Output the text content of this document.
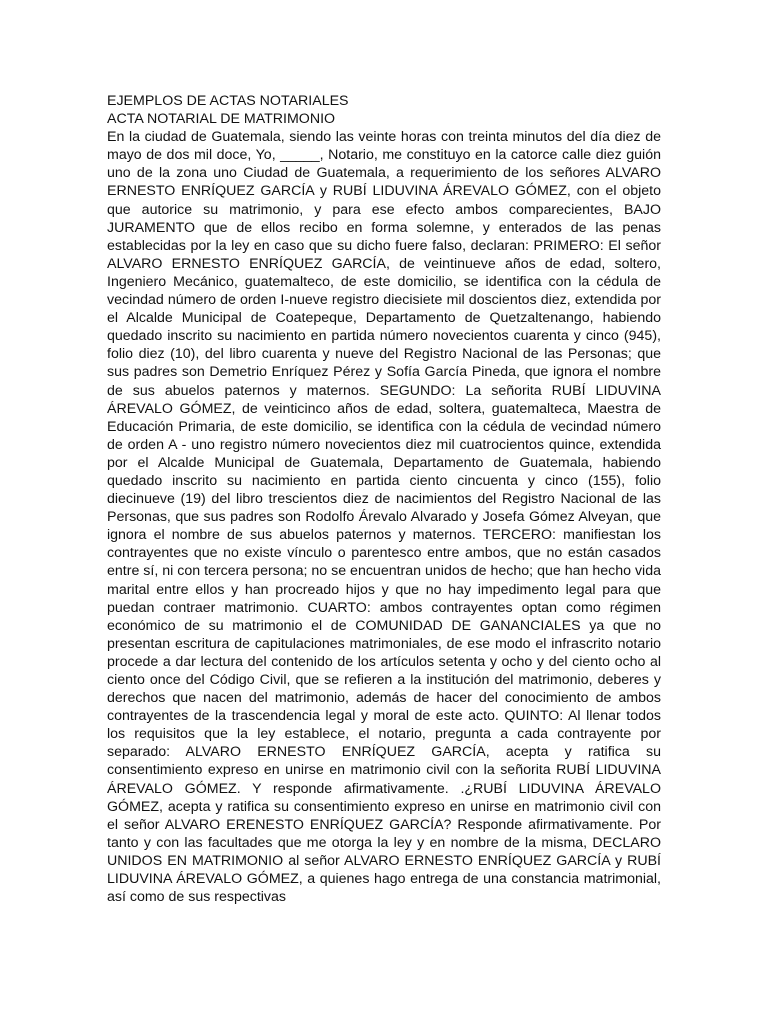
EJEMPLOS DE ACTAS NOTARIALES
ACTA NOTARIAL DE MATRIMONIO
En la ciudad de Guatemala, siendo las veinte horas con treinta minutos del día diez de mayo de dos mil doce, Yo, _____, Notario, me constituyo en la catorce calle diez guión uno de la zona uno Ciudad de Guatemala, a requerimiento de los señores ALVARO ERNESTO ENRÍQUEZ GARCÍA y RUBÍ LIDUVINA ÁREVALO GÓMEZ, con el objeto que autorice su matrimonio, y para ese efecto ambos comparecientes, BAJO JURAMENTO que de ellos recibo en forma solemne, y enterados de las penas establecidas por la ley en caso que su dicho fuere falso, declaran: PRIMERO: El señor ALVARO ERNESTO ENRÍQUEZ GARCÍA, de veintinueve años de edad, soltero, Ingeniero Mecánico, guatemalteco, de este domicilio, se identifica con la cédula de vecindad número de orden I-nueve registro diecisiete mil doscientos diez, extendida por el Alcalde Municipal de Coatepeque, Departamento de Quetzaltenango, habiendo quedado inscrito su nacimiento en partida número novecientos cuarenta y cinco (945), folio diez (10), del libro cuarenta y nueve del Registro Nacional de las Personas; que sus padres son Demetrio Enríquez Pérez y Sofía García Pineda, que ignora el nombre de sus abuelos paternos y maternos. SEGUNDO: La señorita RUBÍ LIDUVINA ÁREVALO GÓMEZ, de veinticinco años de edad, soltera, guatemalteca, Maestra de Educación Primaria, de este domicilio, se identifica con la cédula de vecindad número de orden A - uno registro número novecientos diez mil cuatrocientos quince, extendida por el Alcalde Municipal de Guatemala, Departamento de Guatemala, habiendo quedado inscrito su nacimiento en partida ciento cincuenta y cinco (155), folio diecinueve (19) del libro trescientos diez de nacimientos del Registro Nacional de las Personas, que sus padres son Rodolfo Árevalo Alvarado y Josefa Gómez Alveyan, que ignora el nombre de sus abuelos paternos y maternos. TERCERO: manifiestan los contrayentes que no existe vínculo o parentesco entre ambos, que no están casados entre sí, ni con tercera persona; no se encuentran unidos de hecho; que han hecho vida marital entre ellos y han procreado hijos y que no hay impedimento legal para que puedan contraer matrimonio. CUARTO: ambos contrayentes optan como régimen económico de su matrimonio el de COMUNIDAD DE GANANCIALES ya que no presentan escritura de capitulaciones matrimoniales, de ese modo el infrascrito notario procede a dar lectura del contenido de los artículos setenta y ocho y del ciento ocho al ciento once del Código Civil, que se refieren a la institución del matrimonio, deberes y derechos que nacen del matrimonio, además de hacer del conocimiento de ambos contrayentes de la trascendencia legal y moral de este acto. QUINTO: Al llenar todos los requisitos que la ley establece, el notario, pregunta a cada contrayente por separado: ALVARO ERNESTO ENRÍQUEZ GARCÍA, acepta y ratifica su consentimiento expreso en unirse en matrimonio civil con la señorita RUBÍ LIDUVINA ÁREVALO GÓMEZ. Y responde afirmativamente. .¿RUBÍ LIDUVINA ÁREVALO GÓMEZ, acepta y ratifica su consentimiento expreso en unirse en matrimonio civil con el señor ALVARO ERENESTO ENRÍQUEZ GARCÍA? Responde afirmativamente. Por tanto y con las facultades que me otorga la ley y en nombre de la misma, DECLARO UNIDOS EN MATRIMONIO al señor ALVARO ERNESTO ENRÍQUEZ GARCÍA y RUBÍ LIDUVINA ÁREVALO GÓMEZ, a quienes hago entrega de una constancia matrimonial, así como de sus respectivas
